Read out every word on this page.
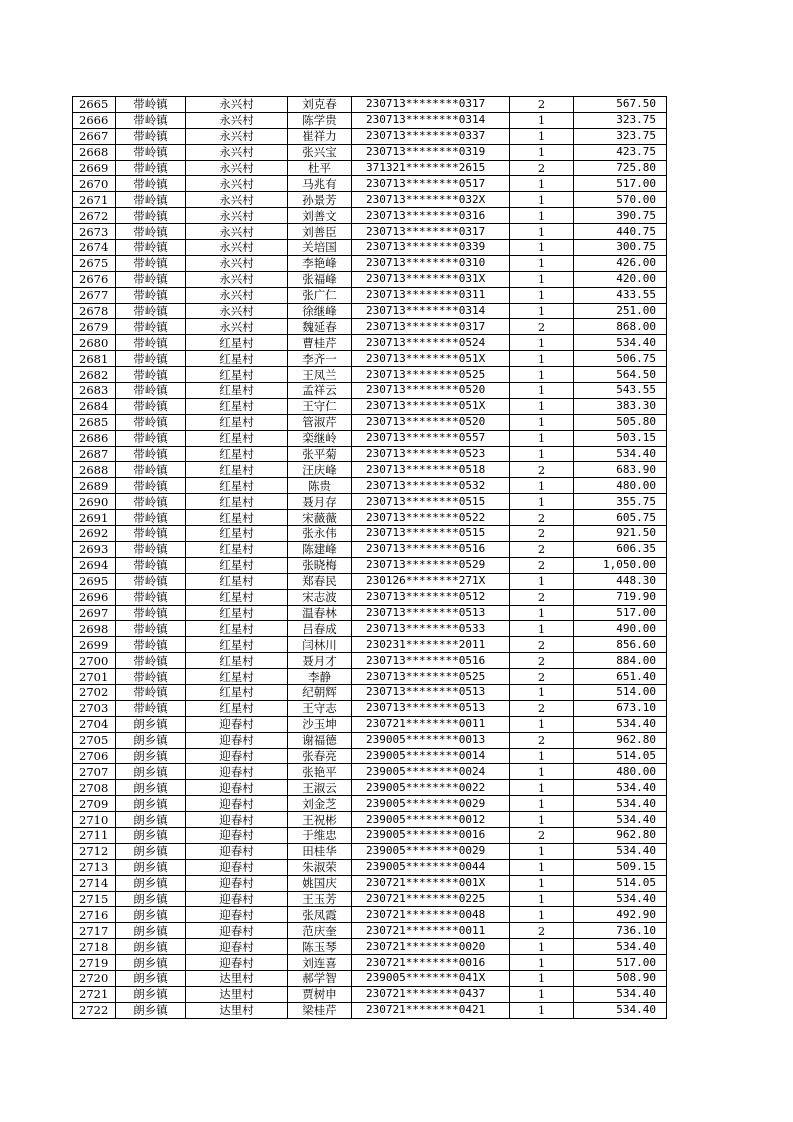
2665	带岭镇	永兴村	刘克春	230713********0317	2	567.50
2666	带岭镇	永兴村	陈学贵	230713********0314	1	323.75
2667	带岭镇	永兴村	崔祥力	230713********0337	1	323.75
2668	带岭镇	永兴村	张兴宝	230713********0319	1	423.75
2669	带岭镇	永兴村	杜平	371321********2615	2	725.80
2670	带岭镇	永兴村	马兆有	230713********0517	1	517.00
2671	带岭镇	永兴村	孙景芳	230713********032X	1	570.00
2672	带岭镇	永兴村	刘善文	230713********0316	1	390.75
2673	带岭镇	永兴村	刘善臣	230713********0317	1	440.75
2674	带岭镇	永兴村	关培国	230713********0339	1	300.75
2675	带岭镇	永兴村	李艳峰	230713********0310	1	426.00
2676	带岭镇	永兴村	张福峰	230713********031X	1	420.00
2677	带岭镇	永兴村	张广仁	230713********0311	1	433.55
2678	带岭镇	永兴村	徐继峰	230713********0314	1	251.00
2679	带岭镇	永兴村	魏延春	230713********0317	2	868.00
2680	带岭镇	红星村	曹桂芹	230713********0524	1	534.40
2681	带岭镇	红星村	李齐一	230713********051X	1	506.75
2682	带岭镇	红星村	王凤兰	230713********0525	1	564.50
2683	带岭镇	红星村	孟祥云	230713********0520	1	543.55
2684	带岭镇	红星村	王守仁	230713********051X	1	383.30
2685	带岭镇	红星村	管淑芹	230713********0520	1	505.80
2686	带岭镇	红星村	栾继岭	230713********0557	1	503.15
2687	带岭镇	红星村	张平菊	230713********0523	1	534.40
2688	带岭镇	红星村	汪庆峰	230713********0518	2	683.90
2689	带岭镇	红星村	陈贵	230713********0532	1	480.00
2690	带岭镇	红星村	聂月存	230713********0515	1	355.75
2691	带岭镇	红星村	宋薇薇	230713********0522	2	605.75
2692	带岭镇	红星村	张永伟	230713********0515	2	921.50
2693	带岭镇	红星村	陈建峰	230713********0516	2	606.35
2694	带岭镇	红星村	张晓梅	230713********0529	2	1,050.00
2695	带岭镇	红星村	郑春民	230126********271X	1	448.30
2696	带岭镇	红星村	宋志波	230713********0512	2	719.90
2697	带岭镇	红星村	温春林	230713********0513	1	517.00
2698	带岭镇	红星村	吕春成	230713********0533	1	490.00
2699	带岭镇	红星村	闫林川	230231********2011	2	856.60
2700	带岭镇	红星村	聂月才	230713********0516	2	884.00
2701	带岭镇	红星村	李静	230713********0525	2	651.40
2702	带岭镇	红星村	纪朝辉	230713********0513	1	514.00
2703	带岭镇	红星村	王守志	230713********0513	2	673.10
2704	朗乡镇	迎春村	沙玉坤	230721********0011	1	534.40
2705	朗乡镇	迎春村	谢福德	239005********0013	2	962.80
2706	朗乡镇	迎春村	张春亮	239005********0014	1	514.05
2707	朗乡镇	迎春村	张艳平	239005********0024	1	480.00
2708	朗乡镇	迎春村	王淑云	239005********0022	1	534.40
2709	朗乡镇	迎春村	刘金芝	239005********0029	1	534.40
2710	朗乡镇	迎春村	王祝彬	239005********0012	1	534.40
2711	朗乡镇	迎春村	于维忠	239005********0016	2	962.80
2712	朗乡镇	迎春村	田桂华	239005********0029	1	534.40
2713	朗乡镇	迎春村	朱淑荣	239005********0044	1	509.15
2714	朗乡镇	迎春村	姚国庆	230721********001X	1	514.05
2715	朗乡镇	迎春村	王玉芳	230721********0225	1	534.40
2716	朗乡镇	迎春村	张凤霞	230721********0048	1	492.90
2717	朗乡镇	迎春村	范庆奎	230721********0011	2	736.10
2718	朗乡镇	迎春村	陈玉琴	230721********0020	1	534.40
2719	朗乡镇	迎春村	刘连喜	230721********0016	1	517.00
2720	朗乡镇	达里村	郝学智	239005********041X	1	508.90
2721	朗乡镇	达里村	贾树申	230721********0437	1	534.40
2722	朗乡镇	达里村	梁桂芹	230721********0421	1	534.40
